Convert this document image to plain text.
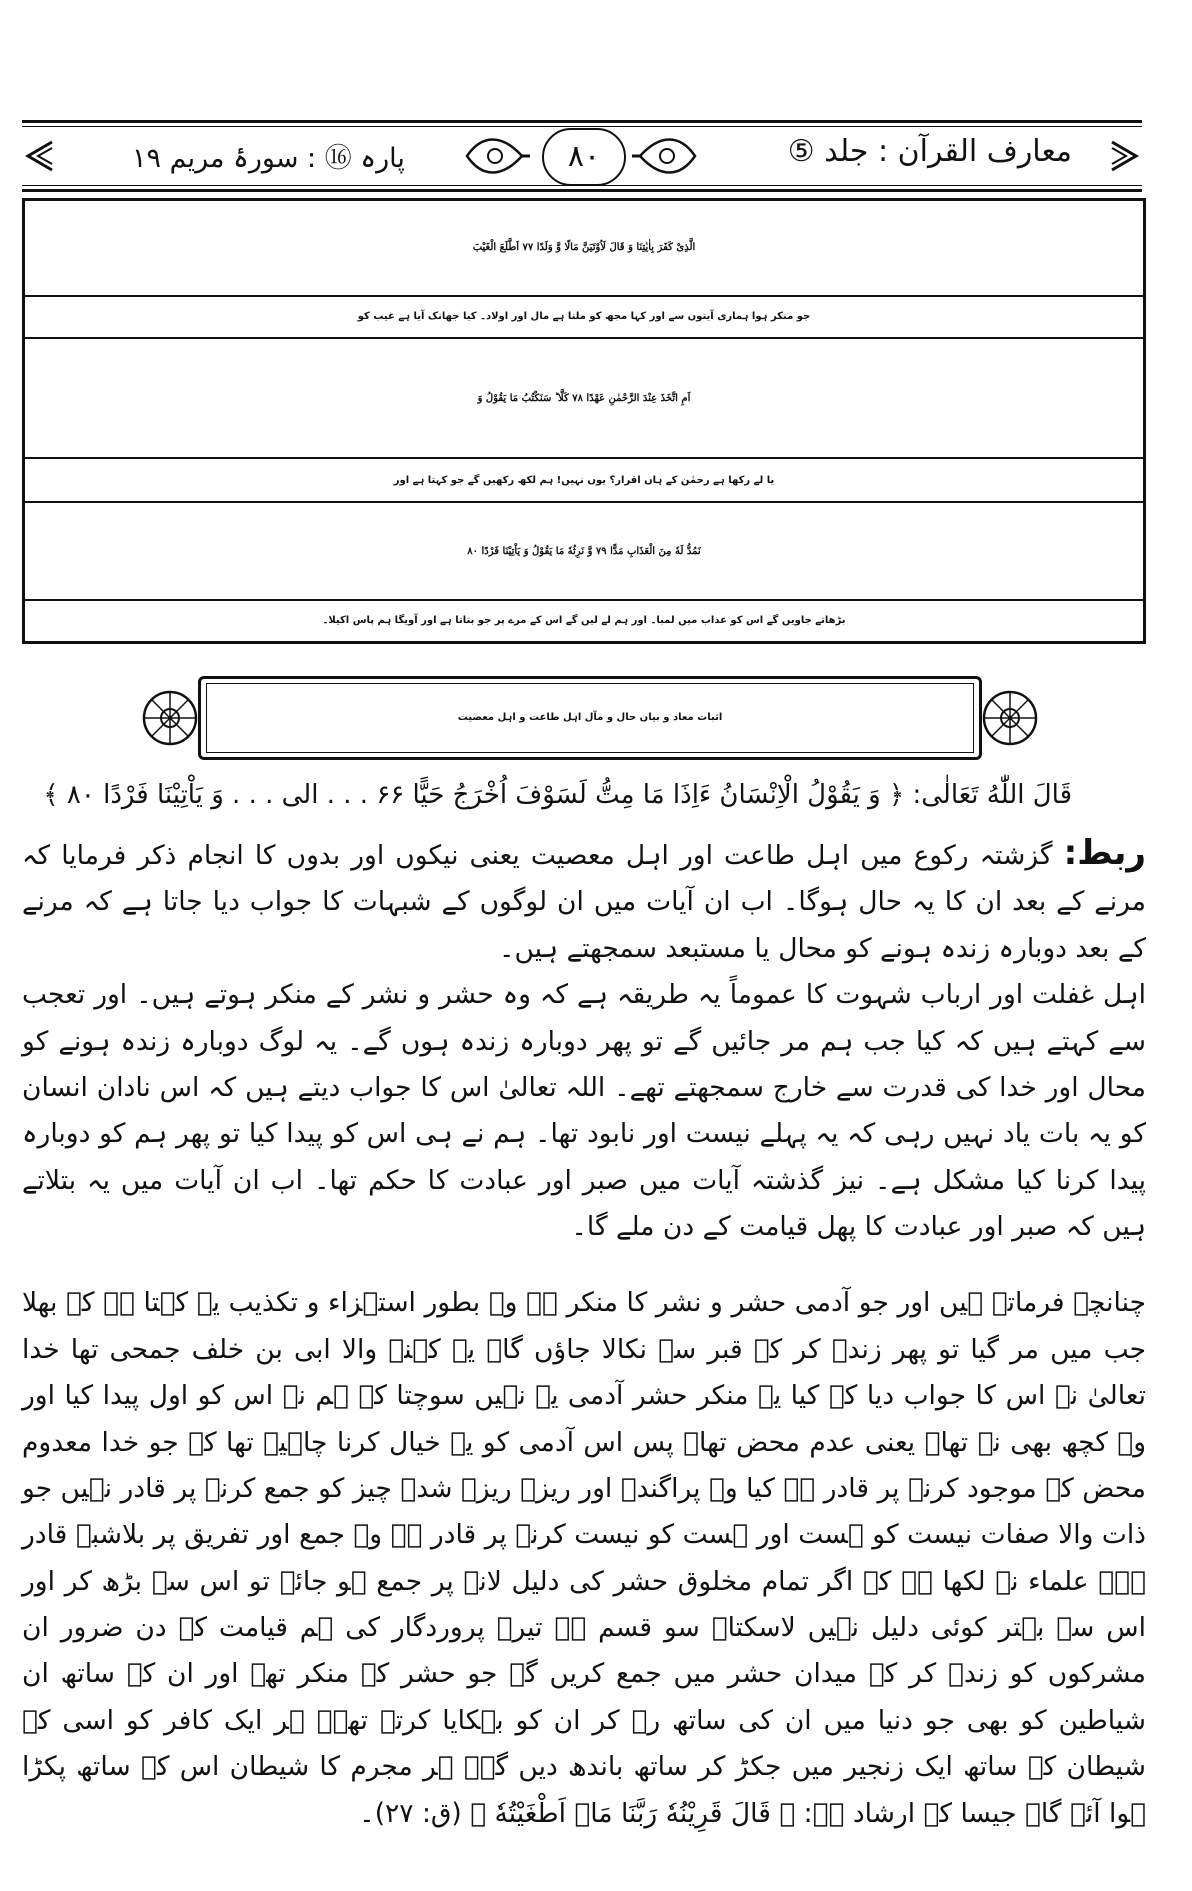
معارف القرآن : جلد ⑤
۸۰
پارہ ⑯ : سورۂ مریم ۱۹
الَّذِیْ كَفَرَ بِاٰیٰتِنَا وَ قَالَ لَاُوْتَیَنَّ مَالًا وَّ وَلَدًا ۷۷ اَطَّلَعَ الْغَیْبَ
جو منکر ہوا ہماری آیتوں سے اور کہا مجھ کو ملنا ہے مال اور اولاد۔ کیا جھانک آیا ہے غیب کو
اَمِ اتَّخَذَ عِنْدَ الرَّحْمٰنِ عَهْدًا ۷۸ كَلَّا ؕ سَنَكْتُبُ مَا یَقُوْلُ وَ
یا لے رکھا ہے رحمٰن کے ہاں اقرار؟ یوں نہیں! ہم لکھ رکھیں گے جو کہتا ہے اور
نَمُدُّ لَهٗ مِنَ الْعَذَابِ مَدًّا ۷۹ وَّ نَرِثُهٗ مَا یَقُوْلُ وَ یَاْتِیْنَا فَرْدًا ۸۰
بڑھاتے جاویں گے اس کو عذاب میں لمبا۔ اور ہم لے لیں گے اس کے مرے پر جو بتاتا ہے اور آویگا ہم پاس اکیلا۔
اثبات معاد و بیان حال و مآل اہل طاعت و اہل معصیت
قَالَ اللّٰهُ تَعَالٰی: ﴿ وَ یَقُوْلُ الْاِنْسَانُ ءَاِذَا مَا مِتُّ لَسَوْفَ اُخْرَجُ حَیًّا ۶۶ . . . الی . . . وَ یَاْتِیْنَا فَرْدًا ۸۰ ﴾

ربط: گزشتہ رکوع میں اہل طاعت اور اہل معصیت یعنی نیکوں اور بدوں کا انجام ذکر فرمایا کہ مرنے کے بعد ان کا یہ حال ہوگا۔ اب ان آیات میں ان لوگوں کے شبہات کا جواب دیا جاتا ہے کہ مرنے کے بعد دوبارہ زندہ ہونے کو محال یا مستبعد سمجھتے ہیں۔

اہل غفلت اور ارباب شہوت کا عموماً یہ طریقہ ہے کہ وہ حشر و نشر کے منکر ہوتے ہیں۔ اور تعجب سے کہتے ہیں کہ کیا جب ہم مر جائیں گے تو پھر دوبارہ زندہ ہوں گے۔ یہ لوگ دوبارہ زندہ ہونے کو محال اور خدا کی قدرت سے خارج سمجھتے تھے۔ اللہ تعالیٰ اس کا جواب دیتے ہیں کہ اس نادان انسان کو یہ بات یاد نہیں رہی کہ یہ پہلے نیست اور نابود تھا۔ ہم نے ہی اس کو پیدا کیا تو پھر ہم کو دوبارہ پیدا کرنا کیا مشکل ہے۔ نیز گذشتہ آیات میں صبر اور عبادت کا حکم تھا۔ اب ان آیات میں یہ بتلاتے ہیں کہ صبر اور عبادت کا پھل قیامت کے دن ملے گا۔

چنانچہ فرماتے ہیں اور جو آدمی حشر و نشر کا منکر ہے وہ بطور استہزاء و تکذیب یہ کہتا ہے کہ بھلا جب میں مر گیا تو پھر زندہ کر کے قبر سے نکالا جاؤں گا۔ یہ کہنے والا ابی بن خلف جمحی تھا خدا تعالیٰ نے اس کا جواب دیا کہ کیا یہ منکر حشر آدمی یہ نہیں سوچتا کہ ہم نے اس کو اول پیدا کیا اور وہ کچھ بھی نہ تھا۔ یعنی عدم محض تھا۔ پس اس آدمی کو یہ خیال کرنا چاہیے تھا کہ جو خدا معدوم محض کے موجود کرنے پر قادر ہے کیا وہ پراگندہ اور ریزہ ریزہ شدہ چیز کو جمع کرنے پر قادر نہیں جو ذات والا صفات نیست کو ہست اور ہست کو نیست کرنے پر قادر ہے وہ جمع اور تفریق پر بلاشبہ قادر ہے۔ علماء نے لکھا ہے کہ اگر تمام مخلوق حشر کی دلیل لانے پر جمع ہو جائے تو اس سے بڑھ کر اور اس سے بہتر کوئی دلیل نہیں لاسکتا۔ سو قسم ہے تیرے پروردگار کی ہم قیامت کے دن ضرور ان مشرکوں کو زندہ کر کے میدان حشر میں جمع کریں گے جو حشر کے منکر تھے اور ان کے ساتھ ان شیاطین کو بھی جو دنیا میں ان کی ساتھ رہ کر ان کو بہکایا کرتے تھے۔ ہر ایک کافر کو اسی کے شیطان کے ساتھ ایک زنجیر میں جکڑ کر ساتھ باندھ دیں گے۔ ہر مجرم کا شیطان اس کے ساتھ پکڑا ہوا آئے گا۔ جیسا کہ ارشاد ہے: ﴿ قَالَ قَرِیْنُهٗ رَبَّنَا مَاۤ اَطْغَیْتُهٗ ﴾ (ق: ۲۷)۔
